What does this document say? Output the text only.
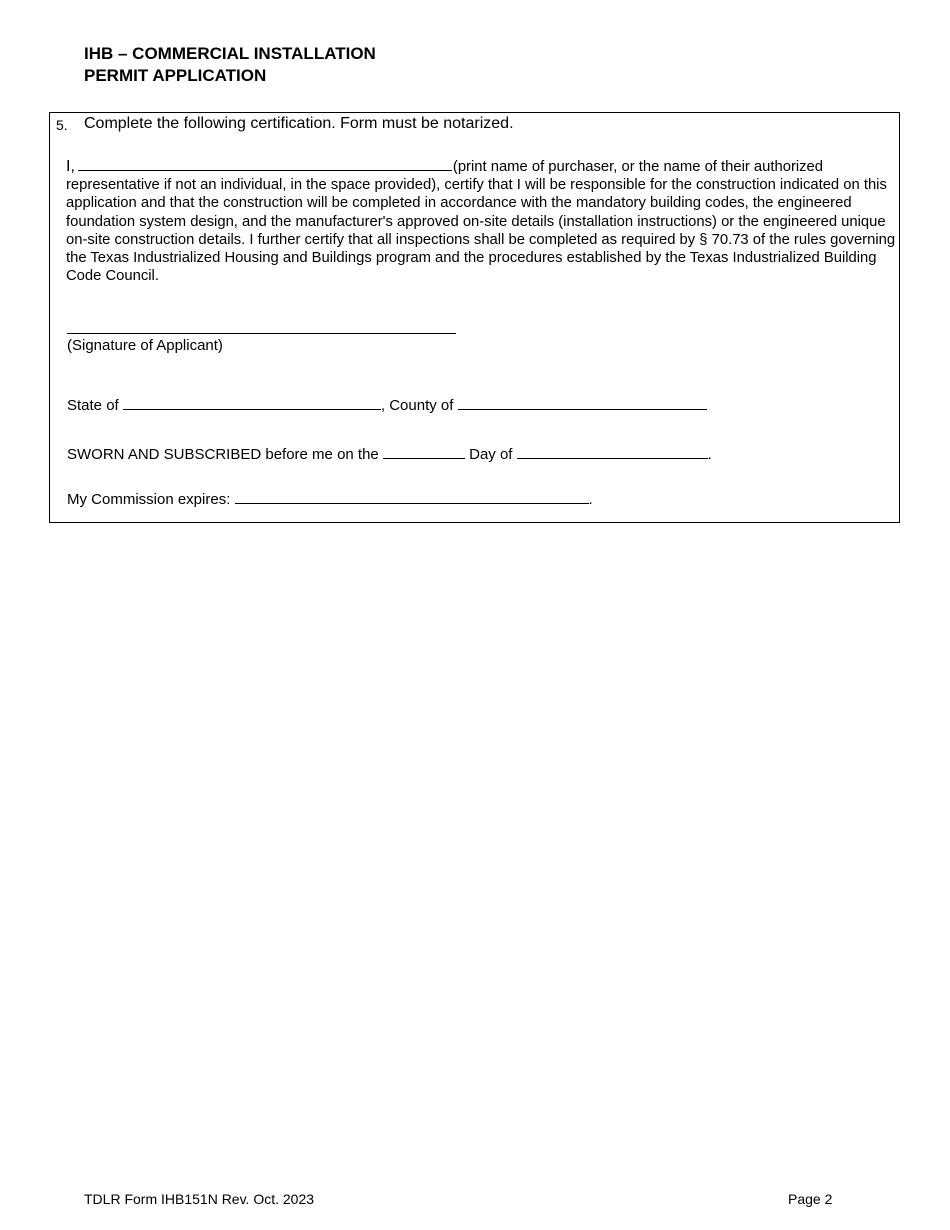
IHB – COMMERCIAL INSTALLATION
PERMIT APPLICATION
5. Complete the following certification. Form must be notarized.
I,	(print name of purchaser, or the name of their authorized representative if not an individual, in the space provided), certify that I will be responsible for the construction indicated on this application and that the construction will be completed in accordance with the mandatory building codes, the engineered foundation system design, and the manufacturer's approved on-site details (installation instructions) or the engineered unique on-site construction details. I further certify that all inspections shall be completed as required by § 70.73 of the rules governing the Texas Industrialized Housing and Buildings program and the procedures established by the Texas Industrialized Building Code Council.
(Signature of Applicant)
State of	, County of
SWORN AND SUBSCRIBED before me on the	Day of	.
My Commission expires:	.
TDLR Form IHB151N Rev. Oct. 2023	Page 2
